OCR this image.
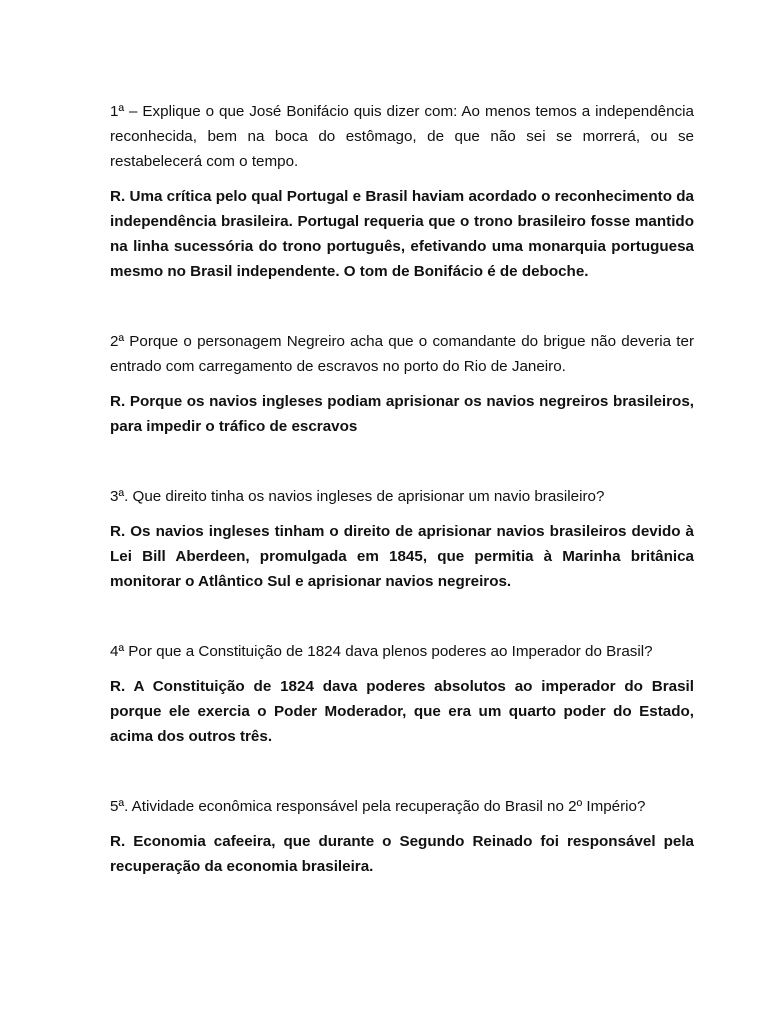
1ª – Explique o que José Bonifácio quis dizer com: Ao menos temos a independência reconhecida, bem na boca do estômago, de que não sei se morrerá, ou se restabelecerá com o tempo.

R. Uma crítica pelo qual Portugal e Brasil haviam acordado o reconhecimento da independência brasileira. Portugal requeria que o trono brasileiro fosse mantido na linha sucessória do trono português, efetivando uma monarquia portuguesa mesmo no Brasil independente. O tom de Bonifácio é de deboche.

2ª Porque o personagem Negreiro acha que o comandante do brigue não deveria ter entrado com carregamento de escravos no porto do Rio de Janeiro.

R. Porque os navios ingleses podiam aprisionar os navios negreiros brasileiros, para impedir o tráfico de escravos

3ª. Que direito tinha os navios ingleses de aprisionar um navio brasileiro?

R. Os navios ingleses tinham o direito de aprisionar navios brasileiros devido à Lei Bill Aberdeen, promulgada em 1845, que permitia à Marinha britânica monitorar o Atlântico Sul e aprisionar navios negreiros.

4ª Por que a Constituição de 1824 dava plenos poderes ao Imperador do Brasil?

R. A Constituição de 1824 dava poderes absolutos ao imperador do Brasil porque ele exercia o Poder Moderador, que era um quarto poder do Estado, acima dos outros três.

5ª. Atividade econômica responsável pela recuperação do Brasil no 2º Império?

R. Economia cafeeira, que durante o Segundo Reinado foi responsável pela recuperação da economia brasileira.
